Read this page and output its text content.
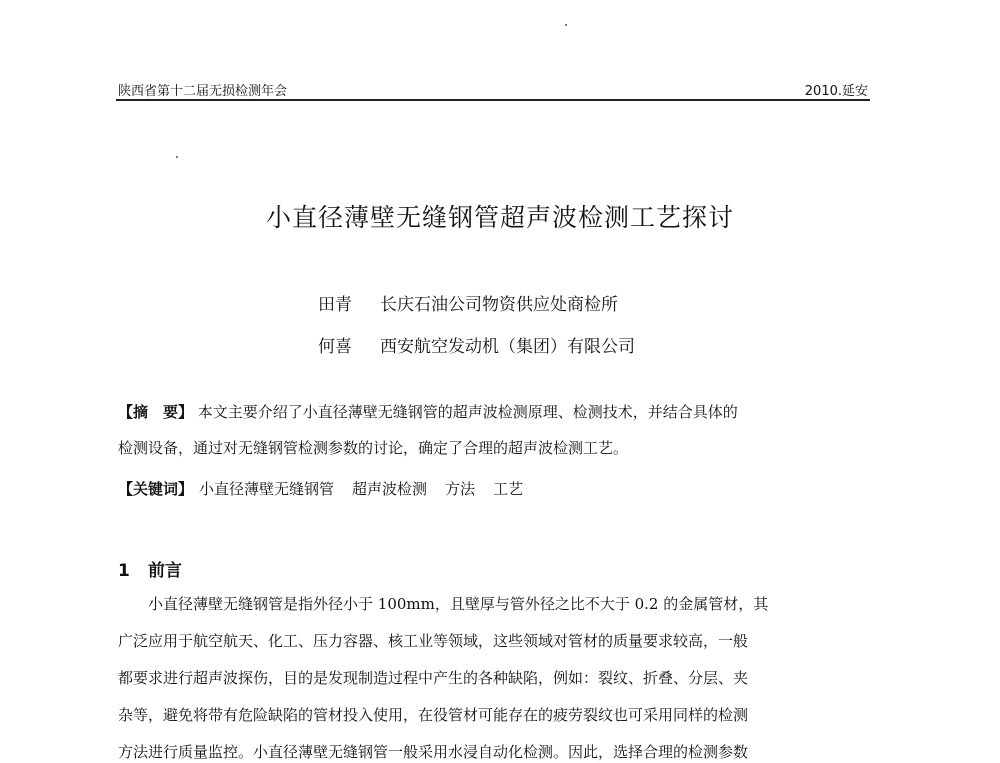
陕西省第十二届无损检测年会	2010.延安
小直径薄壁无缝钢管超声波检测工艺探讨
田青 长庆石油公司物资供应处商检所
何喜 西安航空发动机（集团）有限公司
【摘　要】 本文主要介绍了小直径薄壁无缝钢管的超声波检测原理、检测技术，并结合具体的
检测设备，通过对无缝钢管检测参数的讨论，确定了合理的超声波检测工艺。
【关键词】 小直径薄壁无缝钢管 超声波检测 方法 工艺
1 前言
　　小直径薄壁无缝钢管是指外径小于 100mm，且壁厚与管外径之比不大于 0.2 的金属管材，其
广泛应用于航空航天、化工、压力容器、核工业等领域，这些领域对管材的质量要求较高，一般
都要求进行超声波探伤，目的是发现制造过程中产生的各种缺陷，例如：裂纹、折叠、分层、夹
杂等，避免将带有危险缺陷的管材投入使用，在役管材可能存在的疲劳裂纹也可采用同样的检测
方法进行质量监控。小直径薄壁无缝钢管一般采用水浸自动化检测。因此，选择合理的检测参数
